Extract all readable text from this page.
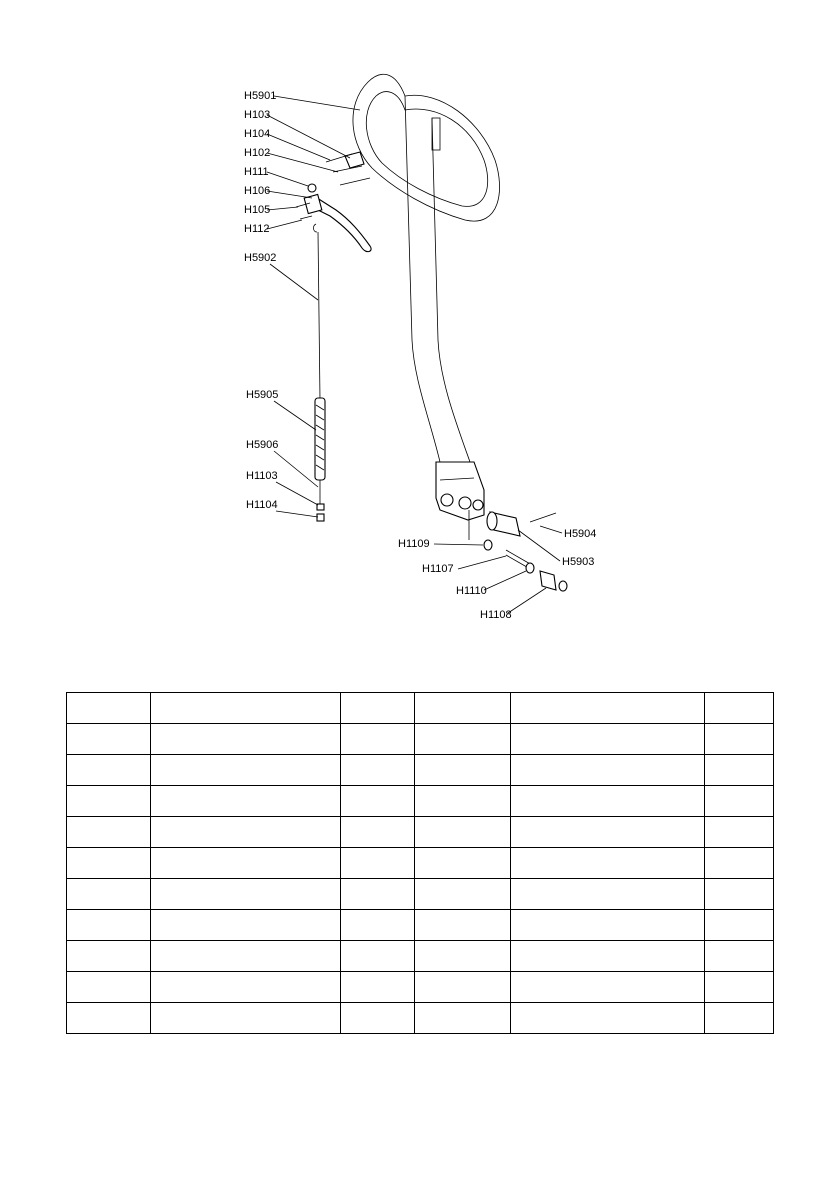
H5901
H103
H104
H102
H111
H106
H105
H112
H5902
H5905
H5906
H1103
H1104
H5904
H5903
H1109
H1107
H1110
H1108
